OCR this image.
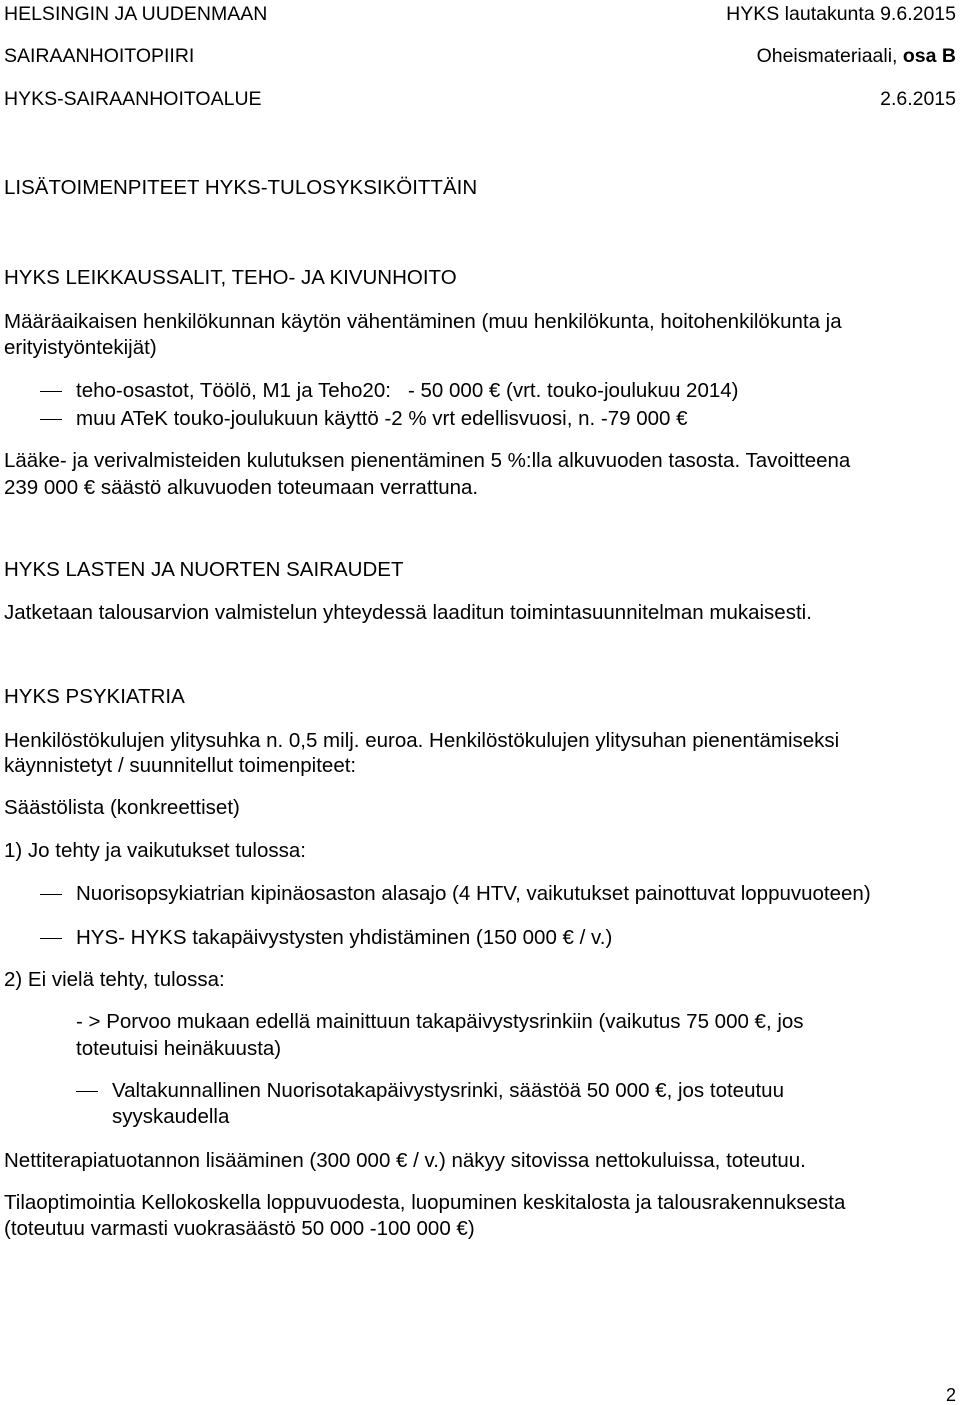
HELSINGIN JA UUDENMAAN
SAIRAANHOITOPIIRI
HYKS-SAIRAANHOITOALUE
HYKS lautakunta 9.6.2015
Oheismateriaali, osa B
2.6.2015
LISÄTOIMENPITEET HYKS-TULOSYKSIKÖITTÄIN
HYKS LEIKKAUSSALIT, TEHO- JA KIVUNHOITO
Määräaikaisen henkilökunnan käytön vähentäminen (muu henkilökunta, hoitohenkilökunta ja
erityistyöntekijät)
teho-osastot, Töölö, M1 ja Teho20:   - 50 000 € (vrt. touko-joulukuu 2014)
muu ATeK touko-joulukuun käyttö -2 % vrt edellisvuosi, n. -79 000 €
Lääke- ja verivalmisteiden kulutuksen pienentäminen 5 %:lla alkuvuoden tasosta. Tavoitteena
239 000 € säästö alkuvuoden toteumaan verrattuna.
HYKS LASTEN JA NUORTEN SAIRAUDET
Jatketaan talousarvion valmistelun yhteydessä laaditun toimintasuunnitelman mukaisesti.
HYKS PSYKIATRIA
Henkilöstökulujen ylitysuhka n. 0,5 milj. euroa. Henkilöstökulujen ylitysuhan pienentämiseksi
käynnistetyt / suunnitellut toimenpiteet:
Säästölista (konkreettiset)
1) Jo tehty ja vaikutukset tulossa:
Nuorisopsykiatrian kipinäosaston alasajo (4 HTV, vaikutukset painottuvat loppuvuoteen)
HYS- HYKS takapäivystysten yhdistäminen (150 000 € / v.)
2) Ei vielä tehty, tulossa:
- > Porvoo mukaan edellä mainittuun takapäivystysrinkiin (vaikutus 75 000 €, jos
toteutuisi heinäkuusta)
Valtakunnallinen Nuorisotakapäivystysrinki, säästöä 50 000 €, jos toteutuu
syyskaudella
Nettiterapiatuotannon lisääminen (300 000 € / v.) näkyy sitovissa nettokuluissa, toteutuu.
Tilaoptimointia Kellokoskella loppuvuodesta, luopuminen keskitalosta ja talousrakennuksesta
(toteutuu varmasti vuokrasäästö 50 000 -100 000 €)
2
